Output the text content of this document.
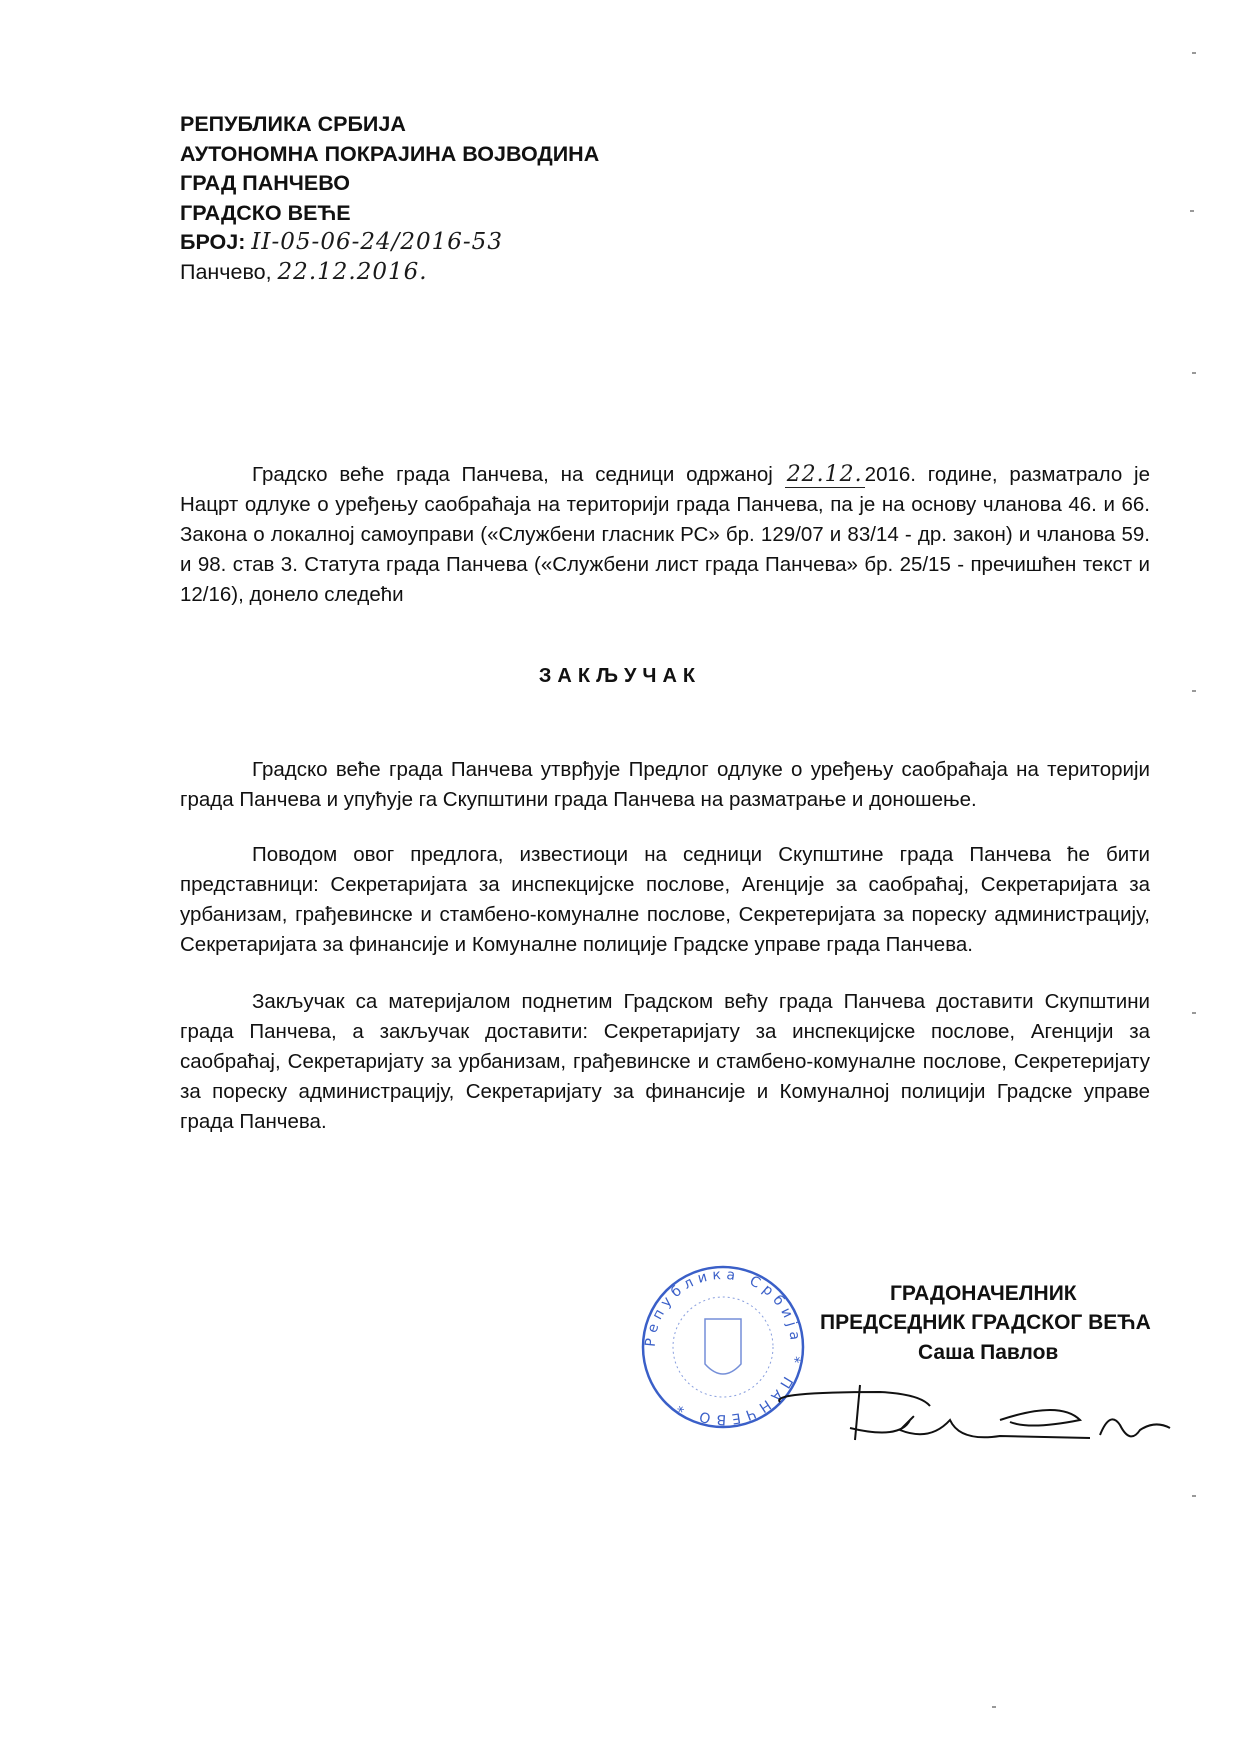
РЕПУБЛИКА СРБИЈА
АУТОНОМНА ПОКРАЈИНА ВОЈВОДИНА
ГРАД ПАНЧЕВО
ГРАДСКО ВЕЋЕ
БРОЈ: II-05-06-24/2016-53
Панчево, 22.12.2016.
Градско веће града Панчева, на седници одржаној 22.12.2016. године, разматрало је Нацрт одлуке о уређењу саобраћаја на територији града Панчева, па је на основу чланова 46. и 66. Закона о локалној самоуправи («Службени гласник РС» бр. 129/07 и 83/14 - др. закон) и чланова 59. и 98. став 3. Статута града Панчева («Службени лист града Панчева» бр. 25/15 - пречишћен текст и 12/16), донело следећи
ЗАКЉУЧАК
Градско веће града Панчева утврђује Предлог одлуке о уређењу саобраћаја на територији града Панчева и упућује га Скупштини града Панчева на разматрање и доношење.
Поводом овог предлога, известиоци на седници Скупштине града Панчева ће бити представници: Секретаријата за инспекцијске послове, Агенције за саобраћај, Секретаријата за урбанизам, грађевинске и стамбено-комуналне послове, Секретеријата за пореску администрацију, Секретаријата за финансије и Комуналне полиције Градске управе града Панчева.
Закључак са материјалом поднетим Градском већу града Панчева доставити Скупштини града Панчева, а закључак доставити: Секретаријату за инспекцијске послове, Агенцији за саобраћај, Секретаријату за урбанизам, грађевинске и стамбено-комуналне послове, Секретеријату за пореску администрацију, Секретаријату за финансије и Комуналној полицији Градске управе града Панчева.
Република Србија * ПАНЧЕВО *
ГРАДОНАЧЕЛНИК
ПРЕДСЕДНИК ГРАДСКОГ ВЕЋА
Саша Павлов
